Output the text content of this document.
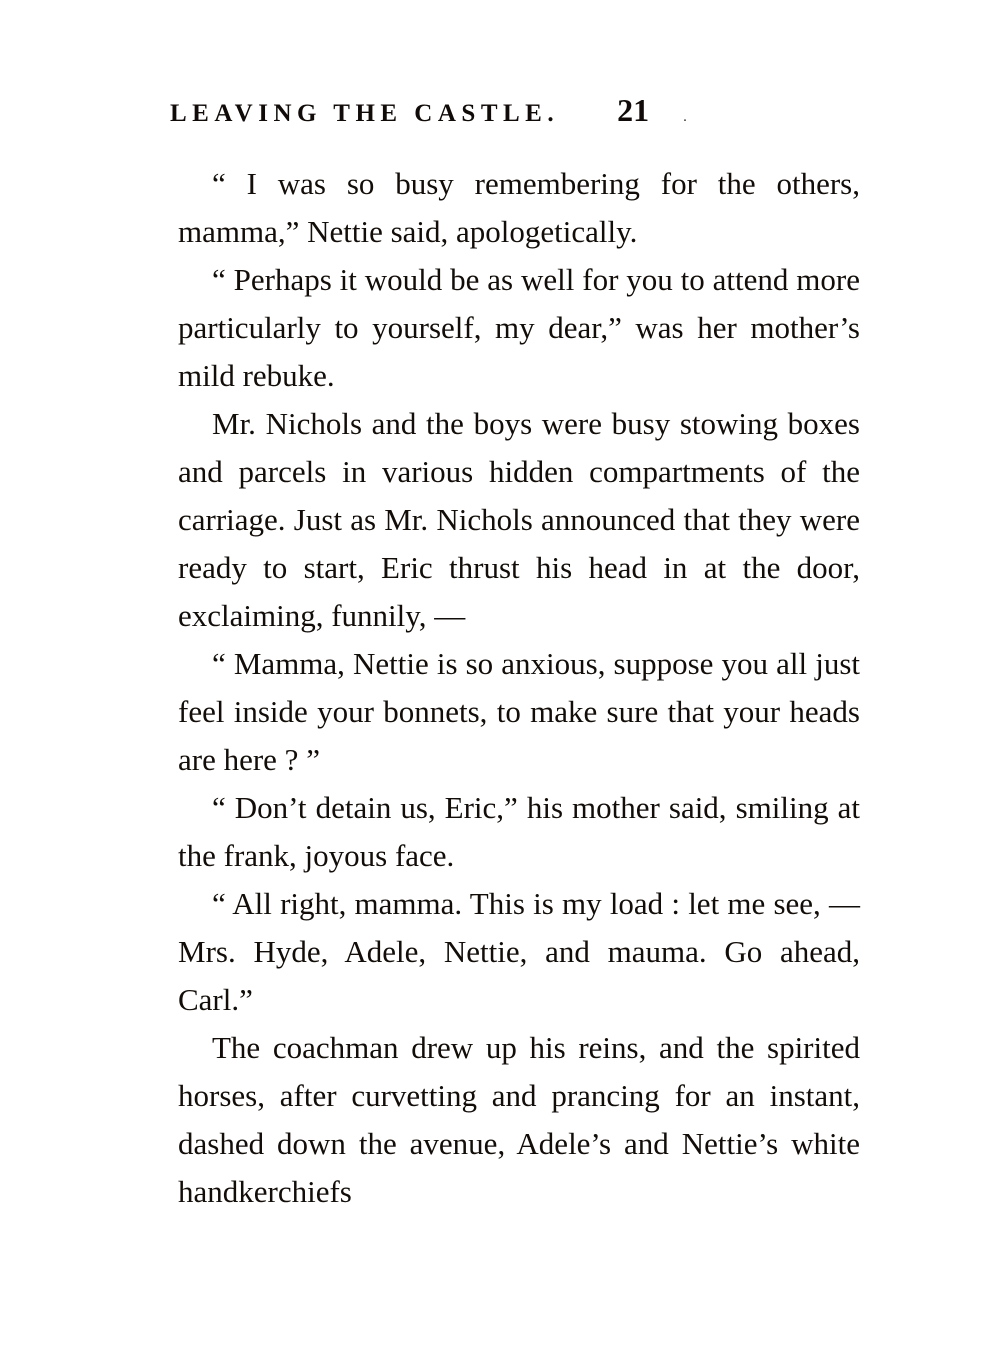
LEAVING THE CASTLE. 21 .

“ I was so busy remembering for the others, mamma,” Nettie said, apologetically.

“ Perhaps it would be as well for you to attend more particularly to yourself, my dear,” was her mother’s mild rebuke.

Mr. Nichols and the boys were busy stowing boxes and parcels in various hidden compartments of the carriage. Just as Mr. Nichols announced that they were ready to start, Eric thrust his head in at the door, exclaiming, funnily, —

“ Mamma, Nettie is so anxious, suppose you all just feel inside your bonnets, to make sure that your heads are here ? ”

“ Don’t detain us, Eric,” his mother said, smiling at the frank, joyous face.

“ All right, mamma. This is my load : let me see, — Mrs. Hyde, Adele, Nettie, and mauma. Go ahead, Carl.”

The coachman drew up his reins, and the spirited horses, after curvetting and prancing for an instant, dashed down the avenue, Adele’s and Nettie’s white handkerchiefs
